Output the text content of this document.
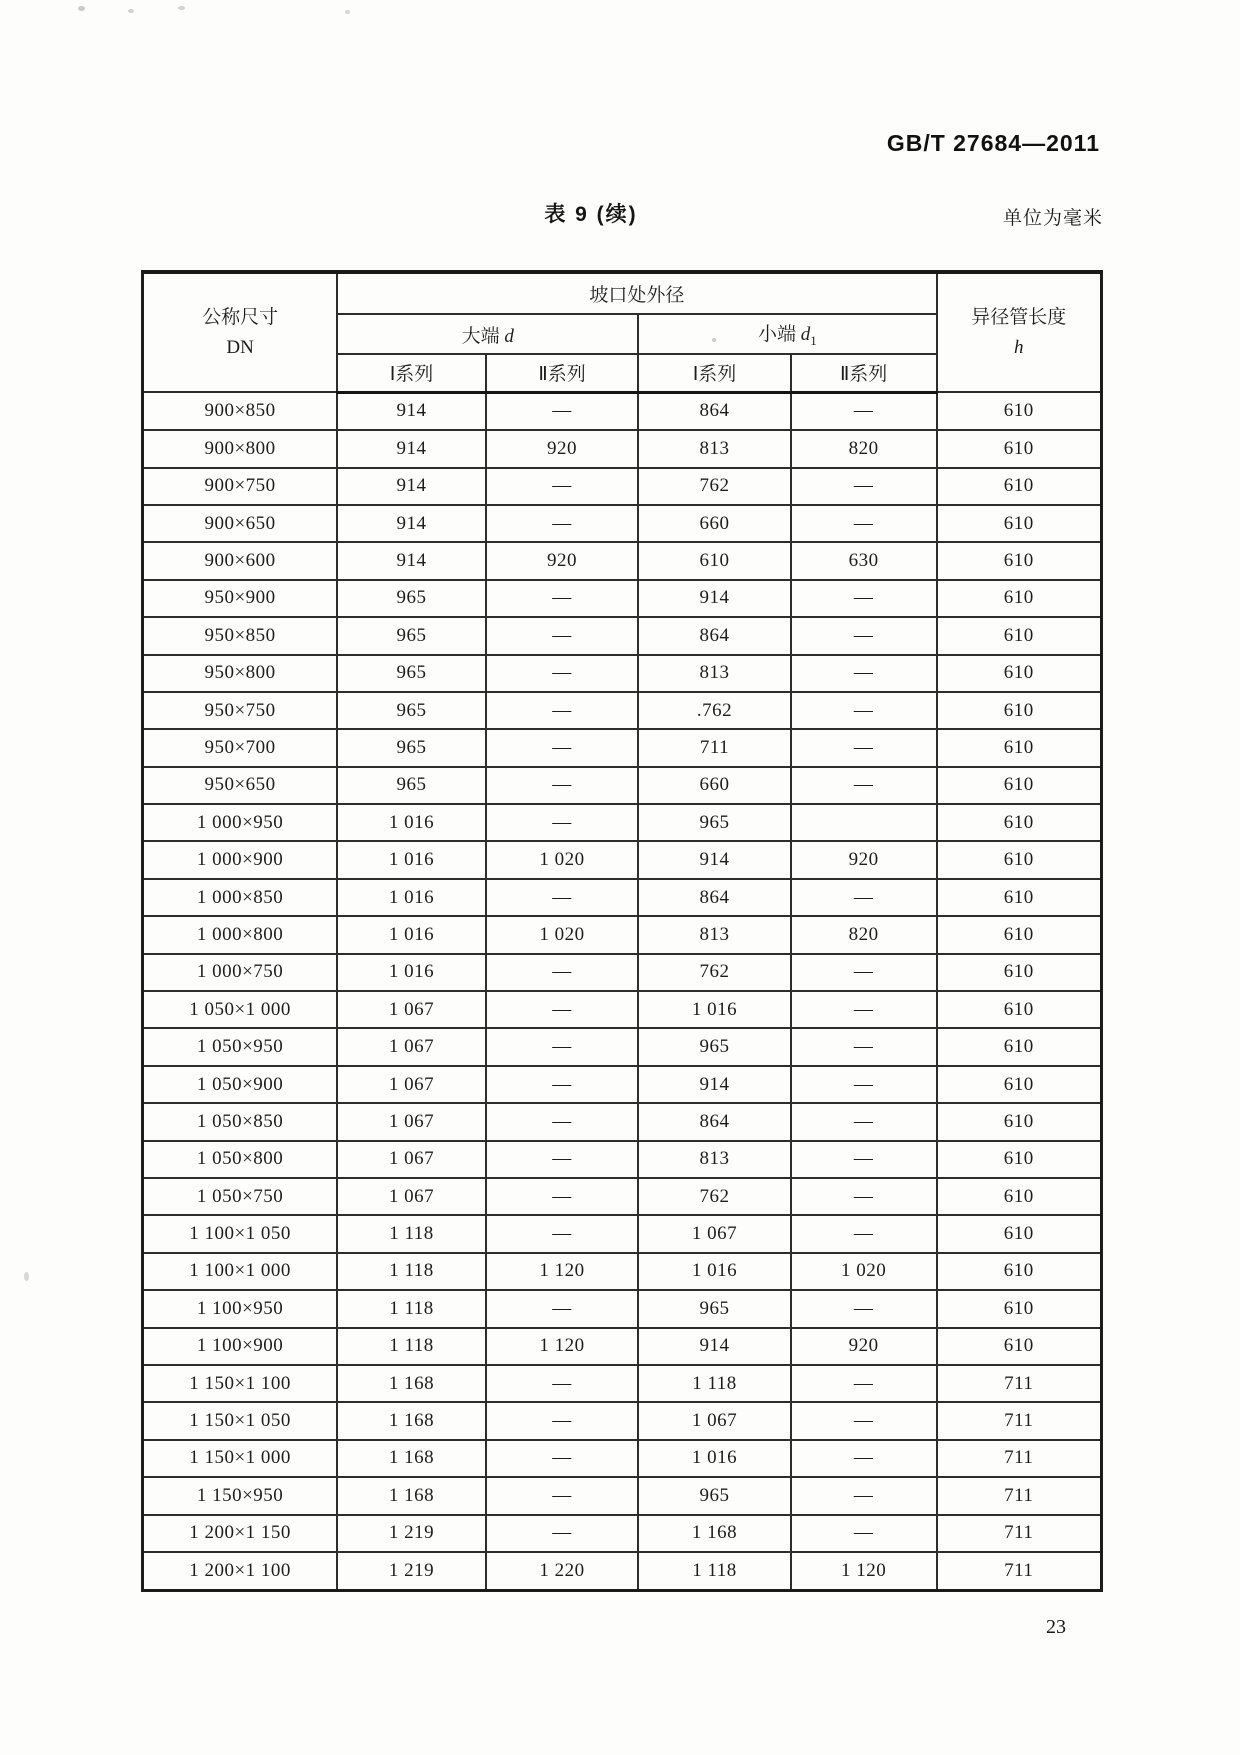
GB/T 27684—2011
表 9 (续)	单位为毫米
公称尺寸
DN
	坡口处外径	
异径管长度
h

	大端 d		小端 $d_1$
	Ⅰ系列	Ⅱ系列	Ⅰ系列	Ⅱ系列	
900×850	914	—	864	—	610
900×800	914	920	813	820	610
900×750	914	—	762	—	610
900×650	914	—	660	—	610
900×600	914	920	610	630	610
950×900	965	—	914	—	610
950×850	965	—	864	—	610
950×800	965	—	813	—	610
950×750	965	—	.762	—	610
950×700	965	—	711	—	610
950×650	965	—	660	—	610
1 000×950	1 016	—	965		610
1 000×900	1 016	1 020	914	920	610
1 000×850	1 016	—	864	—	610
1 000×800	1 016	1 020	813	820	610
1 000×750	1 016	—	762	—	610
1 050×1 000	1 067	—	1 016	—	610
1 050×950	1 067	—	965	—	610
1 050×900	1 067	—	914	—	610
1 050×850	1 067	—	864	—	610
1 050×800	1 067	—	813	—	610
1 050×750	1 067	—	762	—	610
1 100×1 050	1 118	—	1 067	—	610
1 100×1 000	1 118	1 120	1 016	1 020	610
1 100×950	1 118	—	965	—	610
1 100×900	1 118	1 120	914	920	610
1 150×1 100	1 168	—	1 118	—	711
1 150×1 050	1 168	—	1 067	—	711
1 150×1 000	1 168	—	1 016	—	711
1 150×950	1 168	—	965	—	711
1 200×1 150	1 219	—	1 168	—	711
1 200×1 100	1 219	1 220	1 118	1 120	711
23
